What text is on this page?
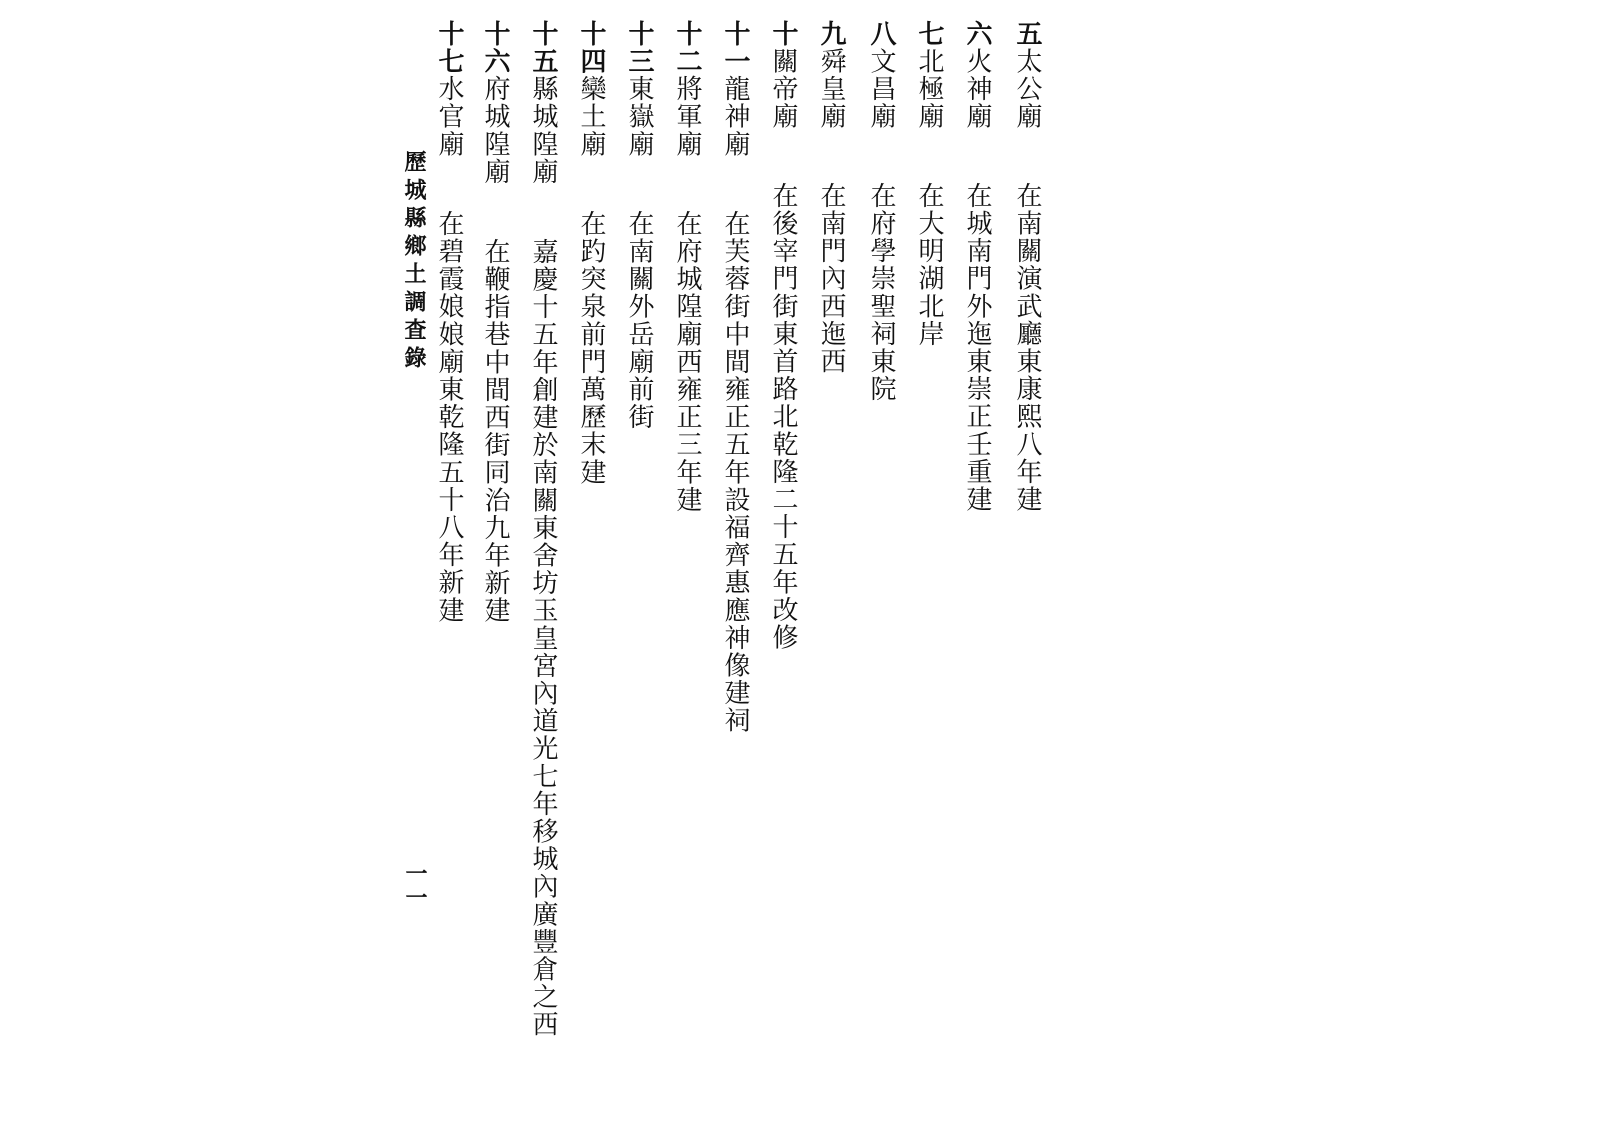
五太公廟在南關演武廳東康熙八年建
六火神廟在城南門外迤東崇正壬重建
七北極廟在大明湖北岸
八文昌廟在府學崇聖祠東院
九舜皇廟在南門內西迤西
十關帝廟在後宰門街東首路北乾隆二十五年改修
十一龍神廟在芙蓉街中間雍正五年設福齊惠應神像建祠
十二將軍廟在府城隍廟西雍正三年建
十三東嶽廟在南關外岳廟前街
十四欒土廟在趵突泉前門萬歷末建
十五縣城隍廟嘉慶十五年創建於南關東舍坊玉皇宮內道光七年移城內廣豐倉之西
十六府城隍廟在鞭指巷中間西街同治九年新建
十七水官廟在碧霞娘娘廟東乾隆五十八年新建
歷城縣鄉土調査錄
一一
